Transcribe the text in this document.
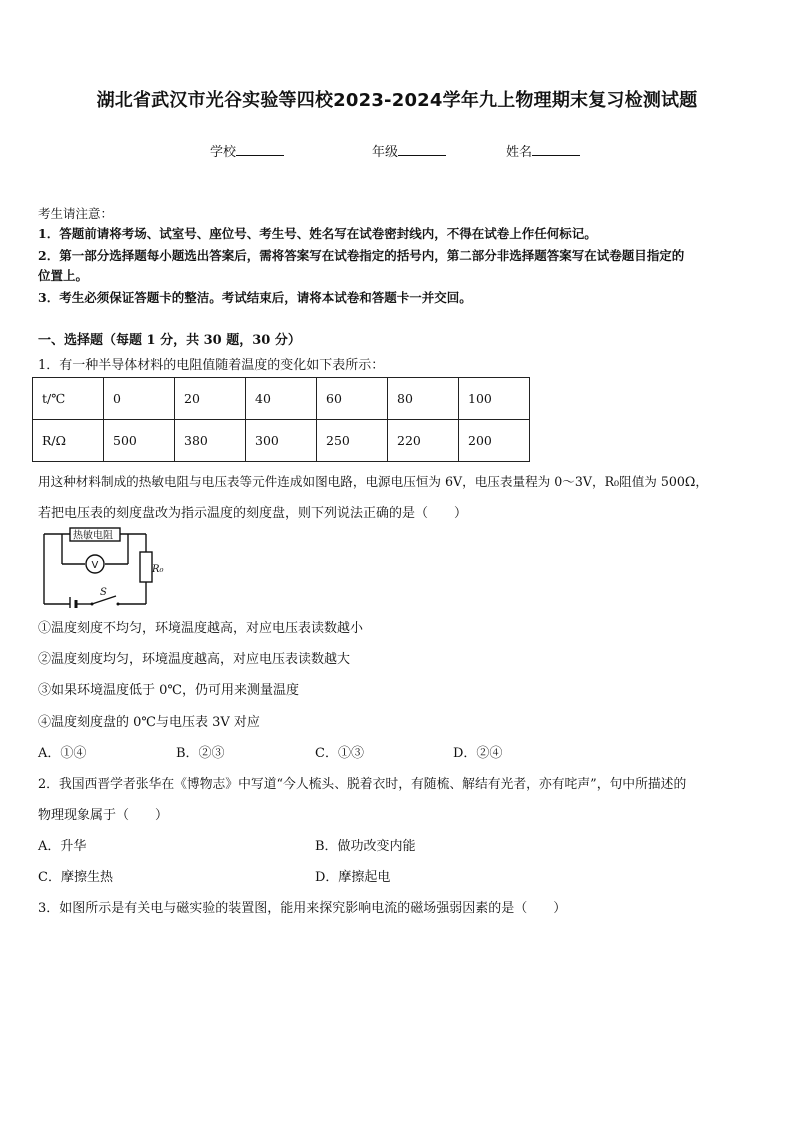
湖北省武汉市光谷实验等四校2023-2024学年九上物理期末复习检测试题
学校	年级	姓名
考生请注意：
1．答题前请将考场、试室号、座位号、考生号、姓名写在试卷密封线内，不得在试卷上作任何标记。
2．第一部分选择题每小题选出答案后，需将答案写在试卷指定的括号内，第二部分非选择题答案写在试卷题目指定的
位置上。
3．考生必须保证答题卡的整洁。考试结束后，请将本试卷和答题卡一并交回。
一、选择题（每题 1 分，共 30 题，30 分）
1．有一种半导体材料的电阻值随着温度的变化如下表所示：
t/℃	0	20	40	60	80	100
R/Ω	500	380	300	250	220	200
用这种材料制成的热敏电阻与电压表等元件连成如图电路，电源电压恒为 6V，电压表量程为 0～3V，R₀阻值为 500Ω，
若把电压表的刻度盘改为指示温度的刻度盘，则下列说法正确的是（　　）
热敏电阻
V	R₀
S
①温度刻度不均匀，环境温度越高，对应电压表读数越小
②温度刻度均匀，环境温度越高，对应电压表读数越大
③如果环境温度低于 0℃，仍可用来测量温度
④温度刻度盘的 0℃与电压表 3V 对应
A．①④	B．②③	C．①③	D．②④
2．我国西晋学者张华在《博物志》中写道“今人梳头、脱着衣时，有随梳、解结有光者，亦有咤声”，句中所描述的
物理现象属于（　　）
A．升华	B．做功改变内能
C．摩擦生热	D．摩擦起电
3．如图所示是有关电与磁实验的装置图，能用来探究影响电流的磁场强弱因素的是（　　）
